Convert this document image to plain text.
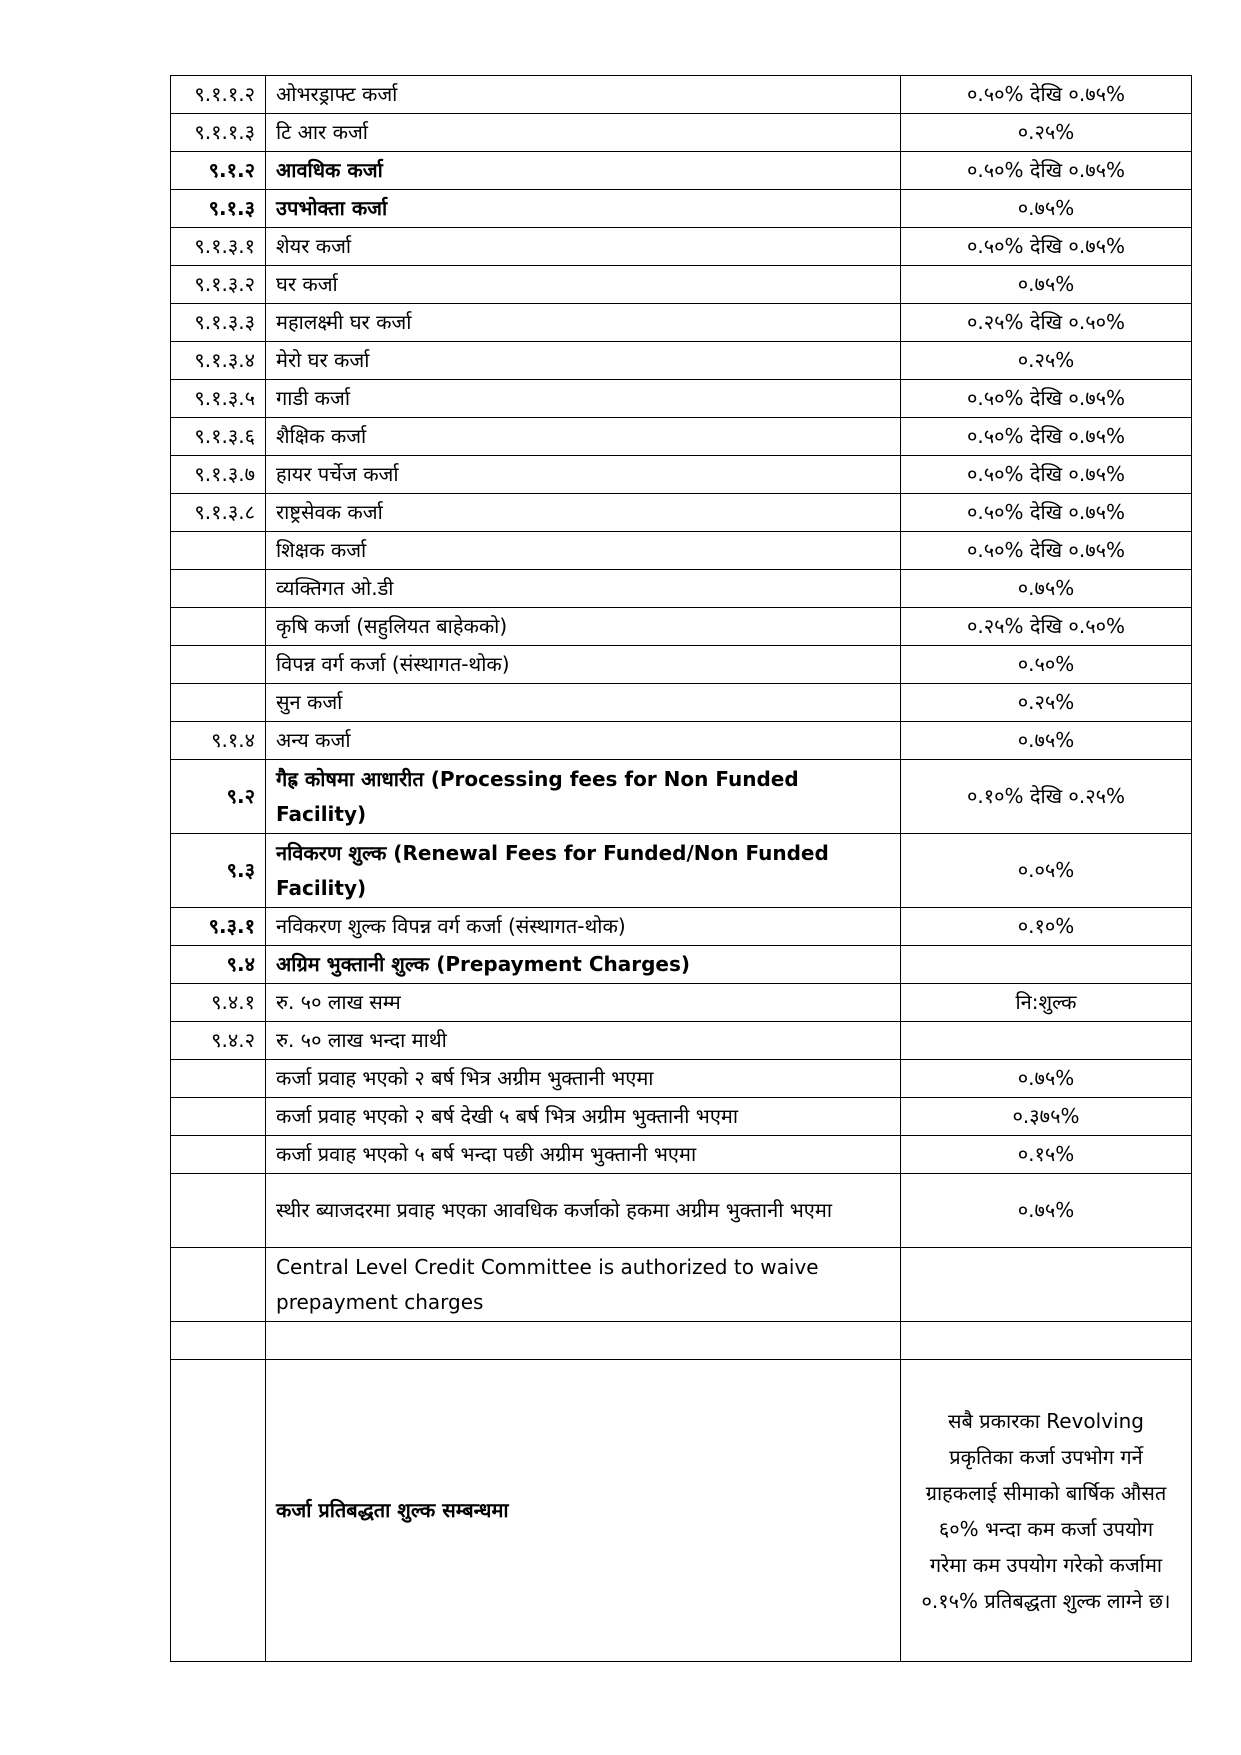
९.१.१.२	ओभरड्राफ्ट कर्जा	०.५०% देखि ०.७५%
९.१.१.३	टि आर कर्जा	०.२५%
९.१.२	आवधिक कर्जा	०.५०% देखि ०.७५%
९.१.३	उपभोक्ता कर्जा	०.७५%
९.१.३.१	शेयर कर्जा	०.५०% देखि ०.७५%
९.१.३.२	घर कर्जा	०.७५%
९.१.३.३	महालक्ष्मी घर कर्जा	०.२५% देखि ०.५०%
९.१.३.४	मेरो घर कर्जा	०.२५%
९.१.३.५	गाडी कर्जा	०.५०% देखि ०.७५%
९.१.३.६	शैक्षिक कर्जा	०.५०% देखि ०.७५%
९.१.३.७	हायर पर्चेज कर्जा	०.५०% देखि ०.७५%
९.१.३.८	राष्ट्रसेवक कर्जा	०.५०% देखि ०.७५%
	शिक्षक कर्जा	०.५०% देखि ०.७५%
	व्यक्तिगत ओ.डी	०.७५%
	कृषि कर्जा (सहुलियत बाहेकको)	०.२५% देखि ०.५०%
	विपन्न वर्ग कर्जा (संस्थागत-थोक)	०.५०%
	सुन कर्जा	०.२५%
९.१.४	अन्य कर्जा	०.७५%
९.२	गैह्र कोषमा आधारीत (Processing fees for Non Funded Facility)	०.१०% देखि ०.२५%
९.३	नविकरण शुल्क (Renewal Fees for Funded/Non Funded Facility)	०.०५%
९.३.१	नविकरण शुल्क विपन्न वर्ग कर्जा (संस्थागत-थोक)	०.१०%
९.४	अग्रिम भुक्तानी शुल्क (Prepayment Charges)	
९.४.१	रु. ५० लाख सम्म	नि:शुल्क
९.४.२	रु. ५० लाख भन्दा माथी	
	कर्जा प्रवाह भएको २ बर्ष भित्र अग्रीम भुक्तानी भएमा	०.७५%
	कर्जा प्रवाह भएको २ बर्ष देखी ५ बर्ष भित्र अग्रीम भुक्तानी भएमा	०.३७५%
	कर्जा प्रवाह भएको ५ बर्ष भन्दा पछी अग्रीम भुक्तानी भएमा	०.१५%
	स्थीर ब्याजदरमा प्रवाह भएका आवधिक कर्जाको हकमा अग्रीम भुक्तानी भएमा	०.७५%
	Central Level Credit Committee is authorized to waive prepayment charges	

	कर्जा प्रतिबद्धता शुल्क सम्बन्धमा	सबै प्रकारका Revolving प्रकृतिका कर्जा उपभोग गर्ने ग्राहकलाई सीमाको बार्षिक औसत ६०% भन्दा कम कर्जा उपयोग गरेमा कम उपयोग गरेको कर्जामा ०.१५% प्रतिबद्धता शुल्क लाग्ने छ।
